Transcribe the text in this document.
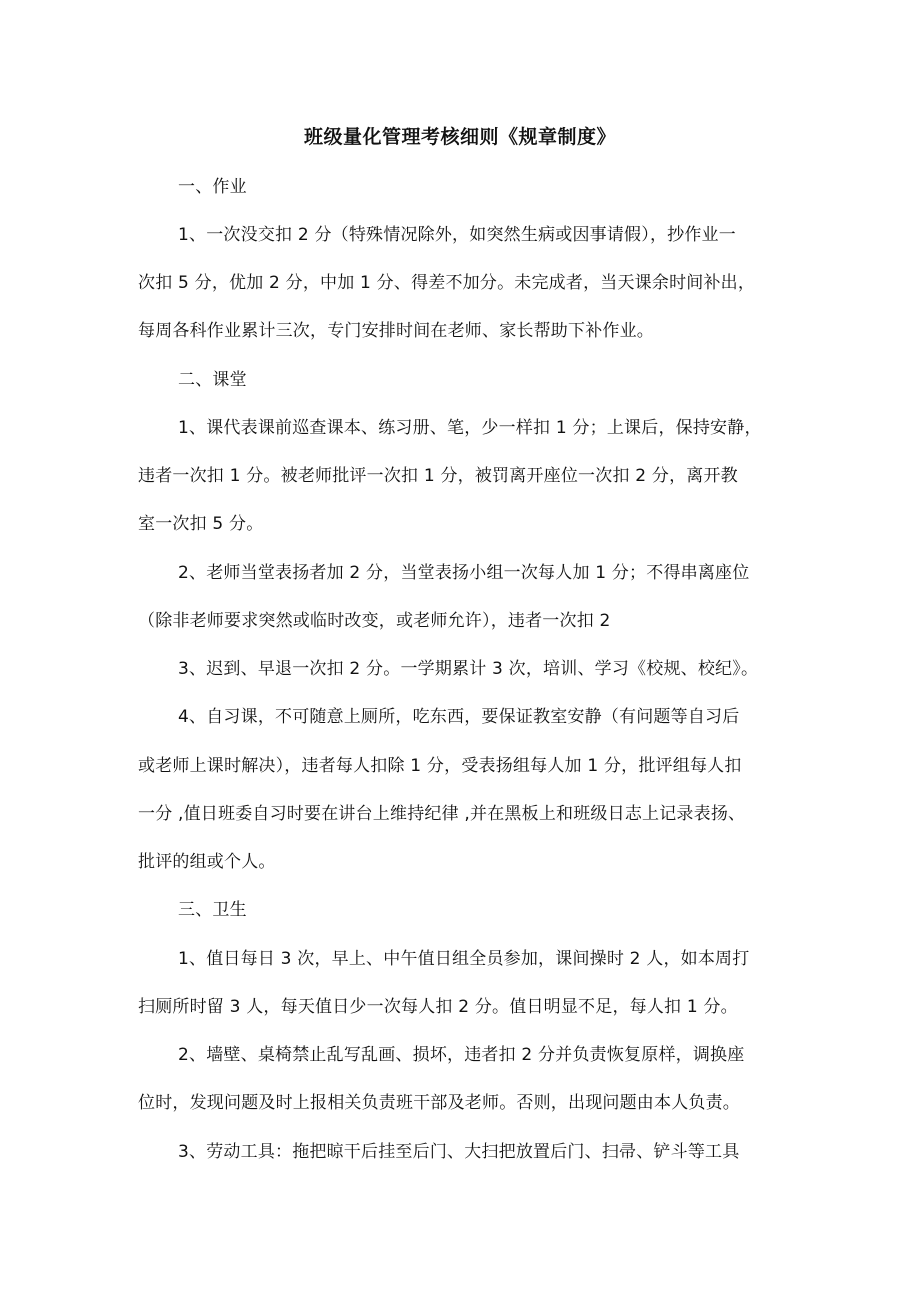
班级量化管理考核细则《规章制度》
一、作业
1、一次没交扣 2 分（特殊情况除外，如突然生病或因事请假），抄作业一
次扣 5 分，优加 2 分，中加 1 分、得差不加分。未完成者，当天课余时间补出，
每周各科作业累计三次，专门安排时间在老师、家长帮助下补作业。
二、课堂
1、课代表课前巡查课本、练习册、笔，少一样扣 1 分；上课后，保持安静，
违者一次扣 1 分。被老师批评一次扣 1 分，被罚离开座位一次扣 2 分，离开教
室一次扣 5 分。
2、老师当堂表扬者加 2 分，当堂表扬小组一次每人加 1 分；不得串离座位
（除非老师要求突然或临时改变，或老师允许），违者一次扣 2
3、迟到、早退一次扣 2 分。一学期累计 3 次，培训、学习《校规、校纪》。
4、自习课，不可随意上厕所，吃东西，要保证教室安静（有问题等自习后
或老师上课时解决），违者每人扣除 1 分，受表扬组每人加 1 分，批评组每人扣
一分 ,值日班委自习时要在讲台上维持纪律 ,并在黑板上和班级日志上记录表扬、
批评的组或个人。
三、卫生
1、值日每日 3 次，早上、中午值日组全员参加，课间操时 2 人，如本周打
扫厕所时留 3 人，每天值日少一次每人扣 2 分。值日明显不足，每人扣 1 分。
2、墙壁、桌椅禁止乱写乱画、损坏，违者扣 2 分并负责恢复原样，调换座
位时，发现问题及时上报相关负责班干部及老师。否则，出现问题由本人负责。
3、劳动工具：拖把晾干后挂至后门、大扫把放置后门、扫帚、铲斗等工具
